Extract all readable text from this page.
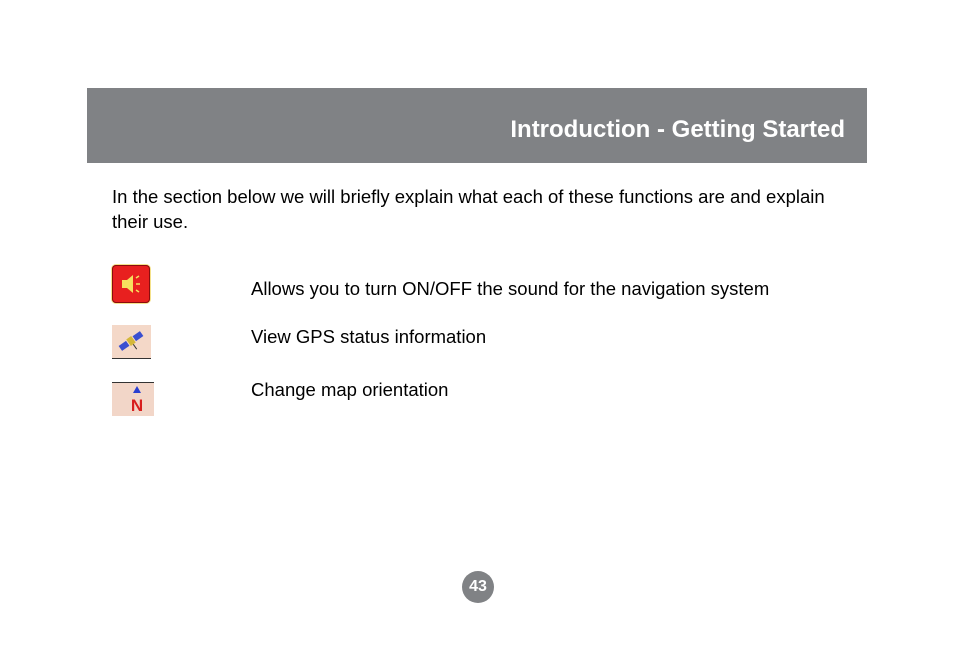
Introduction - Getting Started
In the section below we will briefly explain what each of these functions are and explain their use.
Allows you to turn ON/OFF the sound for the navigation system
View GPS status information
N
Change map orientation
43
